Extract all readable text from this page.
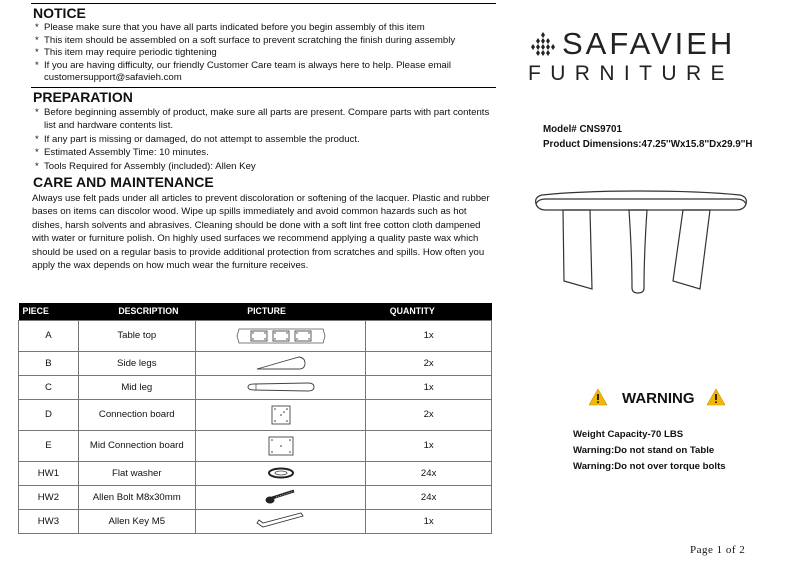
NOTICE
* Please make sure that you have all parts indicated before you begin assembly of this item
* This item should be assembled on a soft surface to prevent scratching the finish during assembly
* This item may require periodic tightening
* If you are having difficulty, our friendly Customer Care team is always here to help. Please email customersupport@safavieh.com
PREPARATION
* Before beginning assembly of product, make sure all parts are present. Compare parts with part contents list and hardware contents list.
* If any part is missing or damaged, do not attempt to assemble the product.
* Estimated Assembly Time: 10 minutes.
* Tools Required for Assembly (included): Allen Key
CARE AND MAINTENANCE
Always use felt pads under all articles to prevent discoloration or softening of the lacquer. Plastic and rubber bases on items can discolor wood. Wipe up spills immediately and avoid common hazards such as hot dishes, harsh solvents and abrasives. Cleaning should be done with a soft lint free cotton cloth dampened with water or furniture polish. On highly used surfaces we recommend applying a quality paste wax which should be used on a regular basis to provide additional protection from scratches and spills. How often you apply the wax depends on how much wear the furniture receives.
PIECE	DESCRIPTION	PICTURE	QUANTITY
A	Table top		1x
B	Side legs		2x
C	Mid leg		1x
D	Connection board		2x
E	Mid Connection board		1x
HW1	Flat washer		24x
HW2	Allen Bolt M8x30mm		24x
HW3	Allen Key M5		1x
SAFAVIEH
FURNITURE
Model# CNS9701
Product Dimensions:47.25''Wx15.8''Dx29.9''H
WARNING
Weight Capacity-70 LBS
Warning:Do not stand on Table
Warning:Do not over torque bolts
Page 1 of 2
